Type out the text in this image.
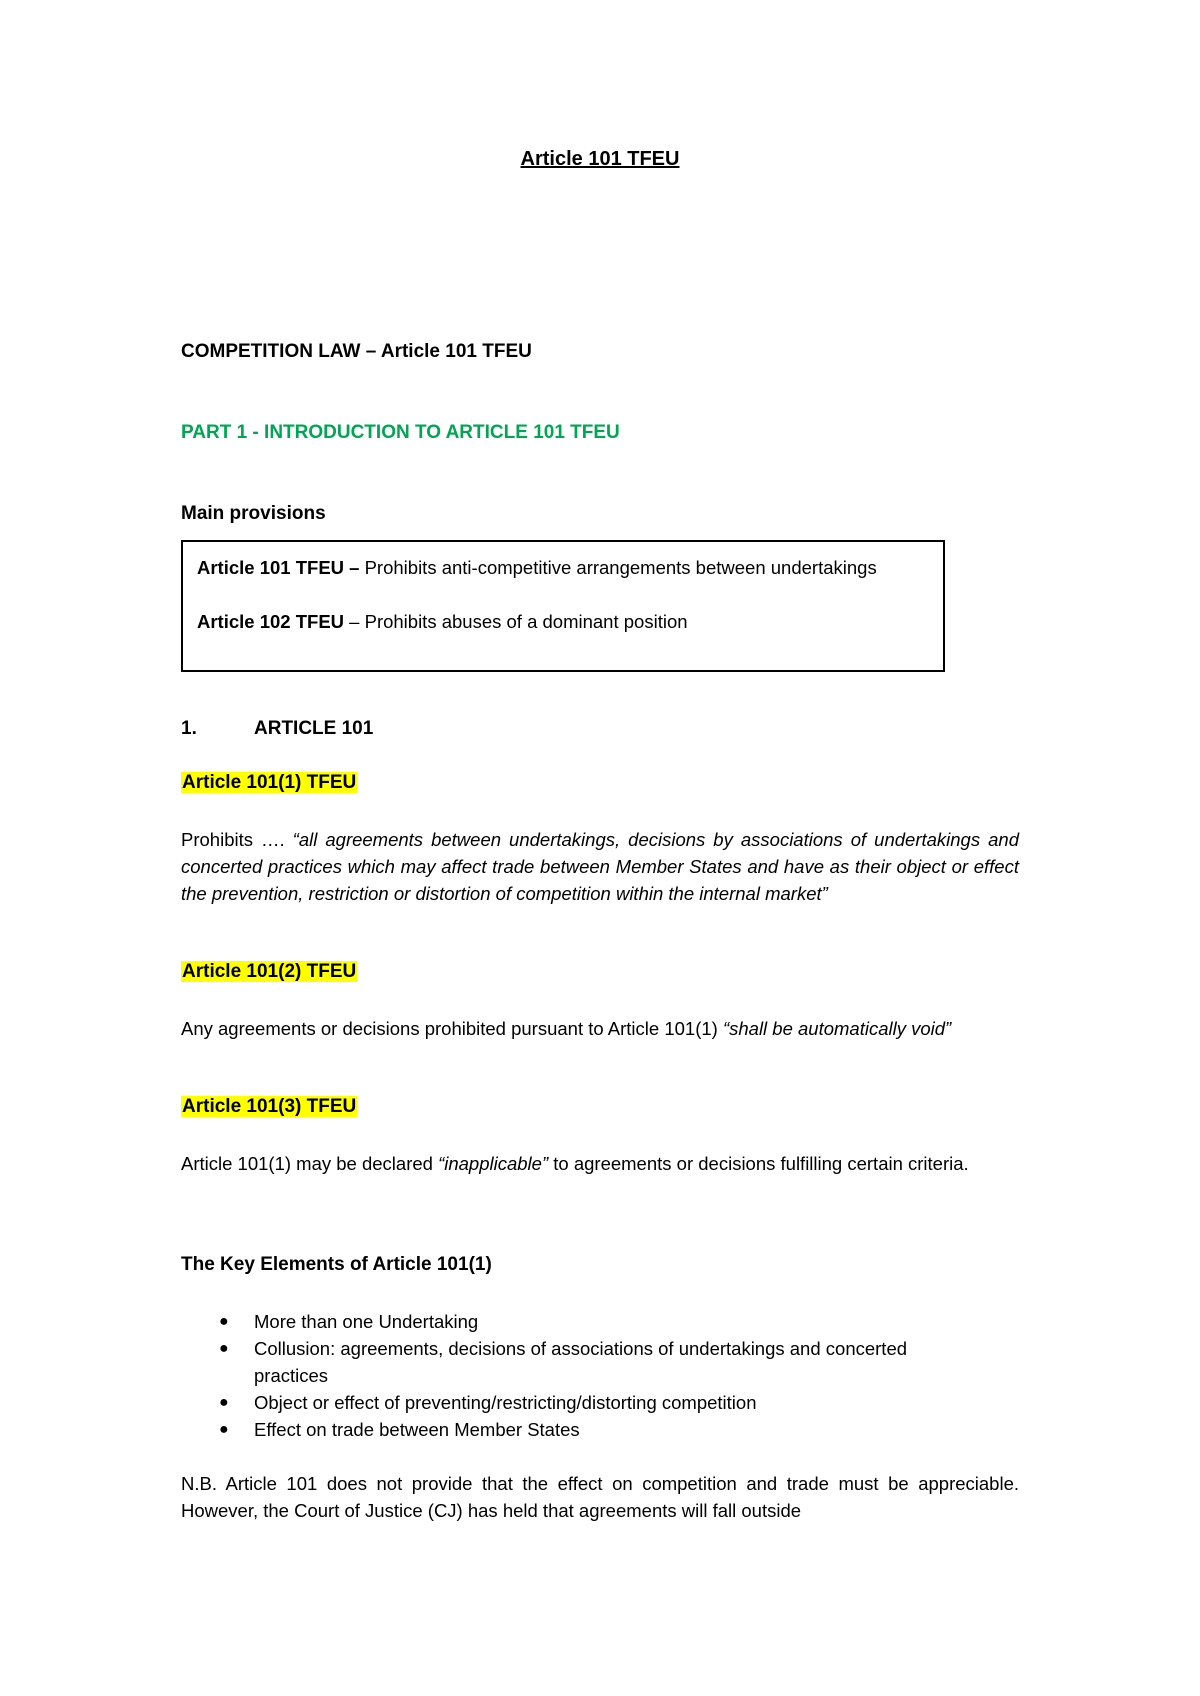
Article 101 TFEU

COMPETITION LAW – Article 101 TFEU

PART 1 - INTRODUCTION TO ARTICLE 101 TFEU

Main provisions

Article 101 TFEU – Prohibits anti-competitive arrangements between undertakings

Article 102 TFEU – Prohibits abuses of a dominant position

1.	ARTICLE 101

Article 101(1) TFEU

Prohibits …. “all agreements between undertakings, decisions by associations of undertakings and concerted practices which may affect trade between Member States and have as their object or effect the prevention, restriction or distortion of competition within the internal market”

Article 101(2) TFEU

Any agreements or decisions prohibited pursuant to Article 101(1) “shall be automatically void”

Article 101(3) TFEU

Article 101(1) may be declared “inapplicable” to agreements or decisions fulfilling certain criteria.

The Key Elements of Article 101(1)

● More than one Undertaking
● Collusion: agreements, decisions of associations of undertakings and concerted practices
● Object or effect of preventing/restricting/distorting competition
● Effect on trade between Member States

N.B. Article 101 does not provide that the effect on competition and trade must be appreciable. However, the Court of Justice (CJ) has held that agreements will fall outside
